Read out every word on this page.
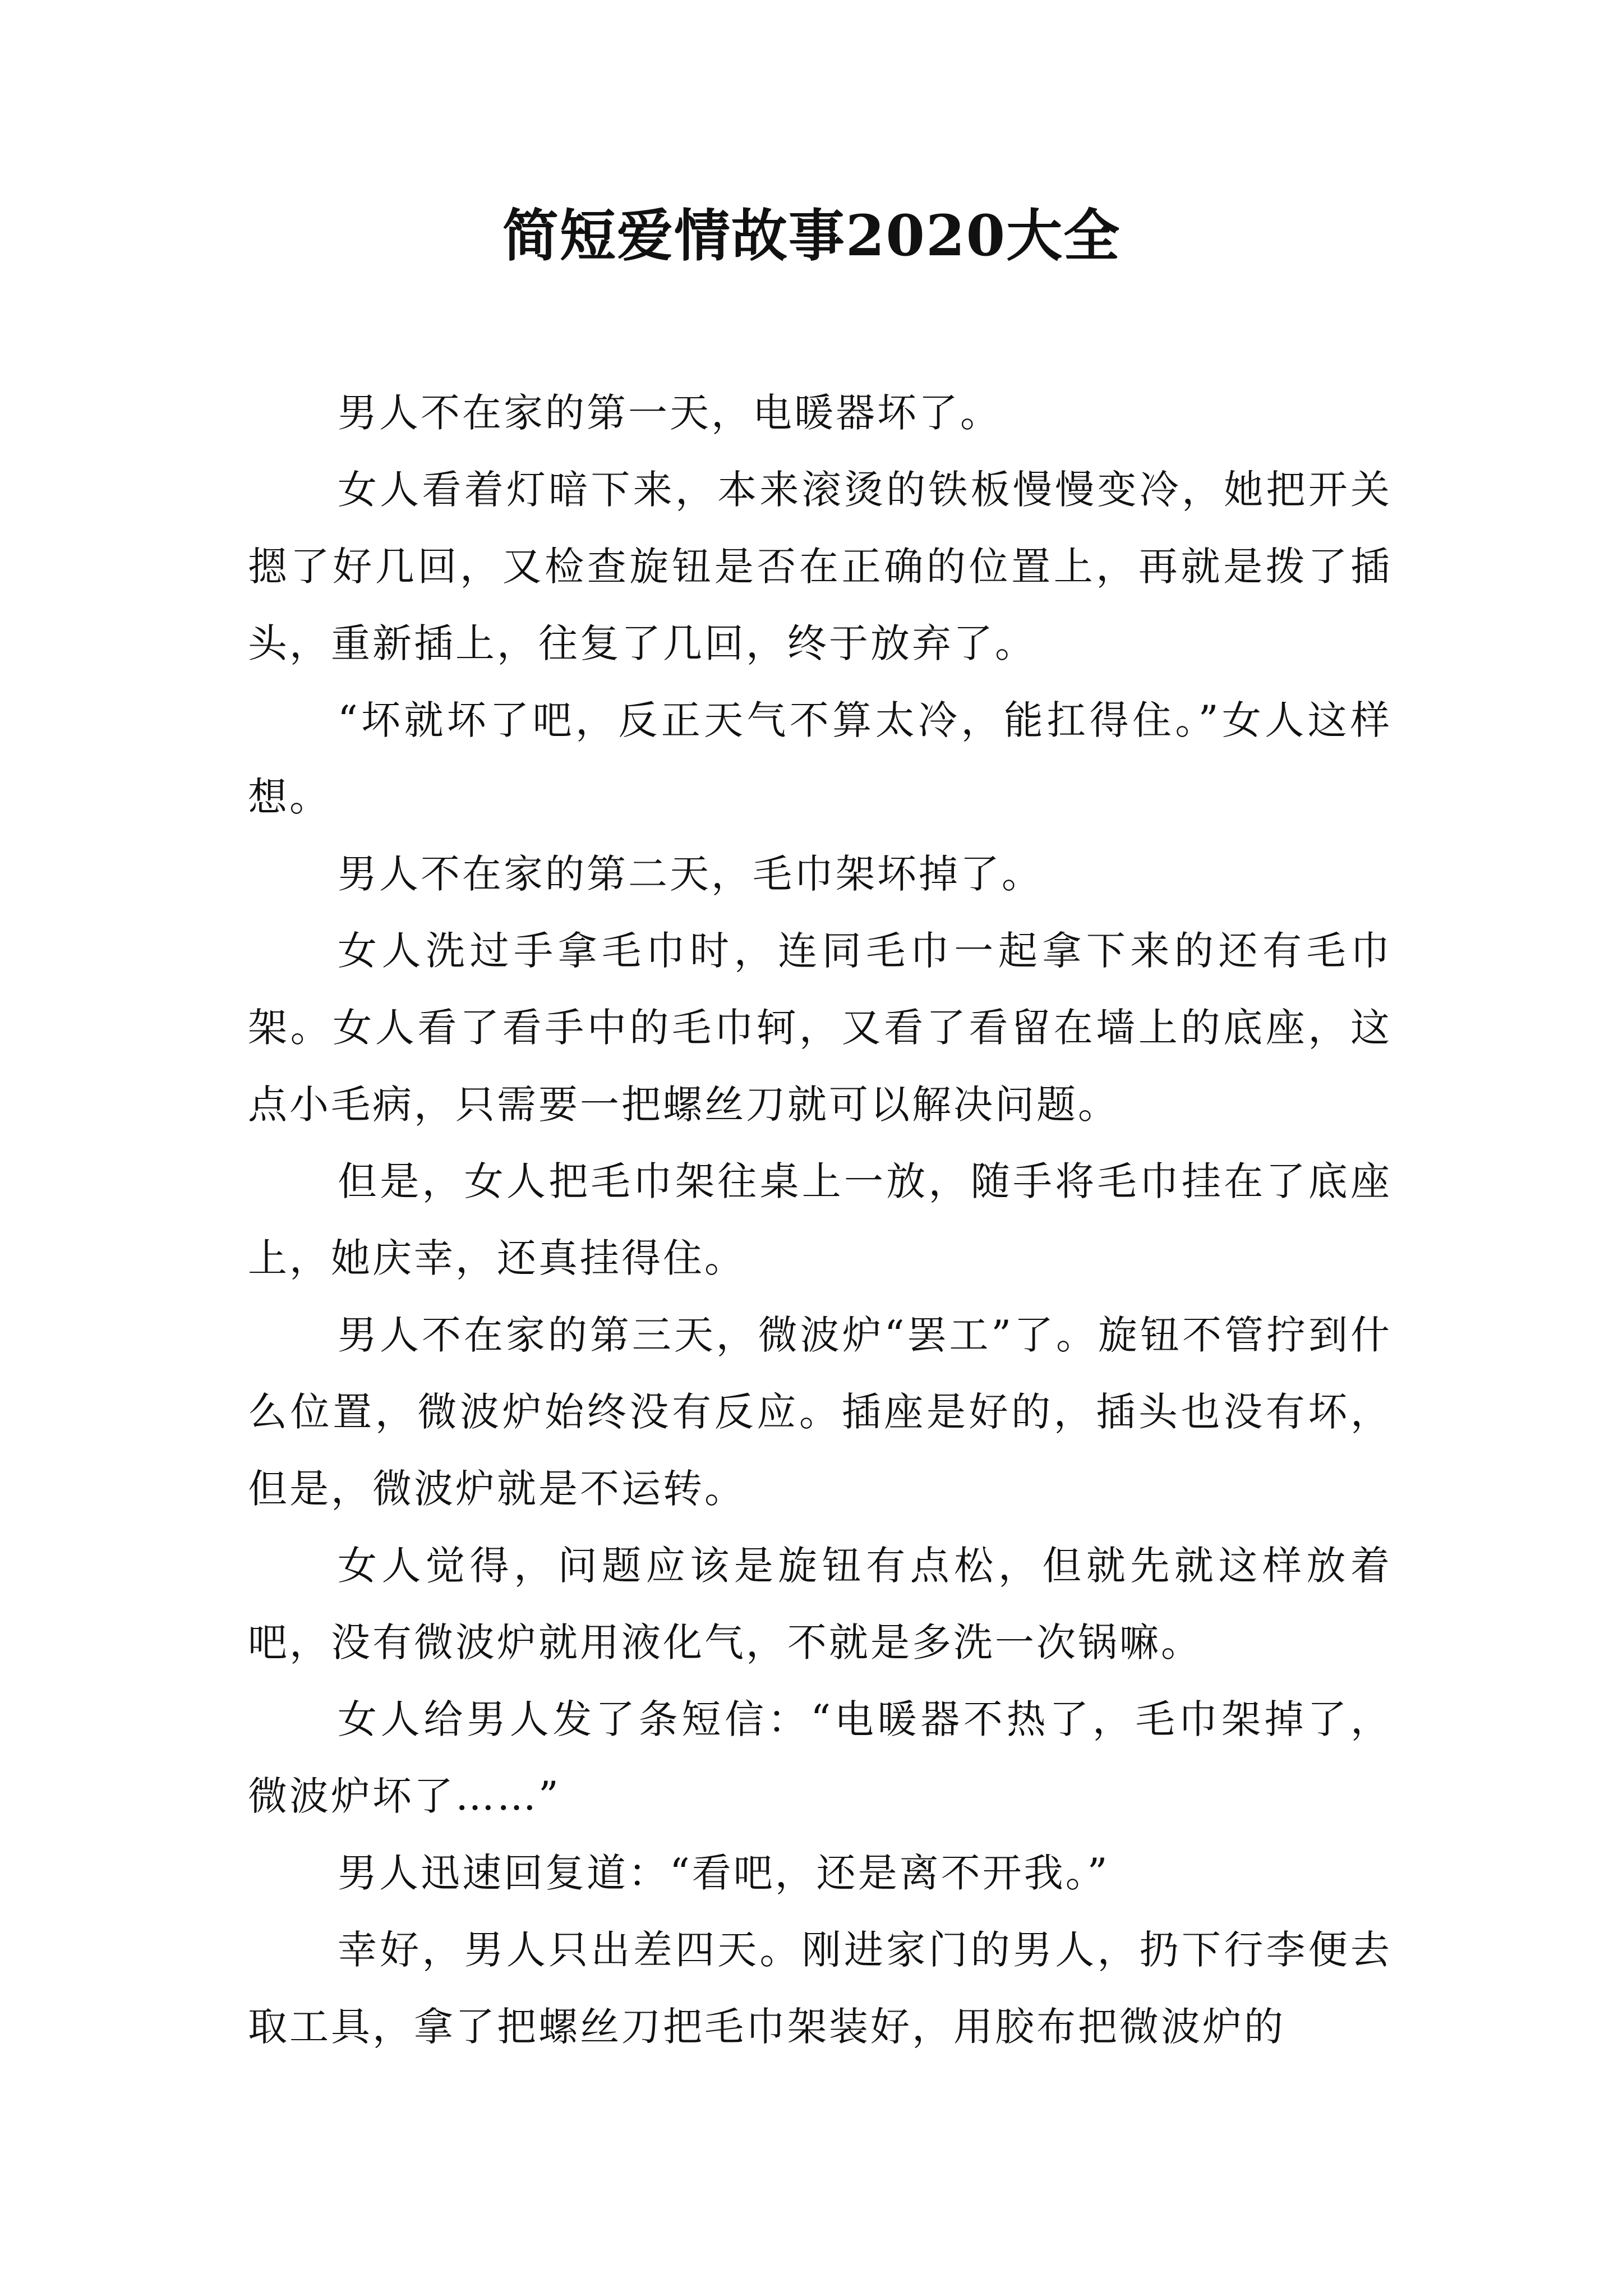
简短爱情故事2020大全

男人不在家的第一天，电暖器坏了。

女人看着灯暗下来，本来滚烫的铁板慢慢变冷，她把开关摁了好几回，又检查旋钮是否在正确的位置上，再就是拨了插头，重新插上，往复了几回，终于放弃了。

“坏就坏了吧，反正天气不算太冷，能扛得住。”女人这样想。

男人不在家的第二天，毛巾架坏掉了。

女人洗过手拿毛巾时，连同毛巾一起拿下来的还有毛巾架。女人看了看手中的毛巾轲，又看了看留在墙上的底座，这点小毛病，只需要一把螺丝刀就可以解决问题。

但是，女人把毛巾架往桌上一放，随手将毛巾挂在了底座上，她庆幸，还真挂得住。

男人不在家的第三天，微波炉“罢工”了。旋钮不管拧到什么位置，微波炉始终没有反应。插座是好的，插头也没有坏，但是，微波炉就是不运转。

女人觉得，问题应该是旋钮有点松，但就先就这样放着吧，没有微波炉就用液化气，不就是多洗一次锅嘛。

女人给男人发了条短信：“电暖器不热了，毛巾架掉了，微波炉坏了……”

男人迅速回复道：“看吧，还是离不开我。”

幸好，男人只出差四天。刚进家门的男人，扔下行李便去取工具，拿了把螺丝刀把毛巾架装好，用胶布把微波炉的
